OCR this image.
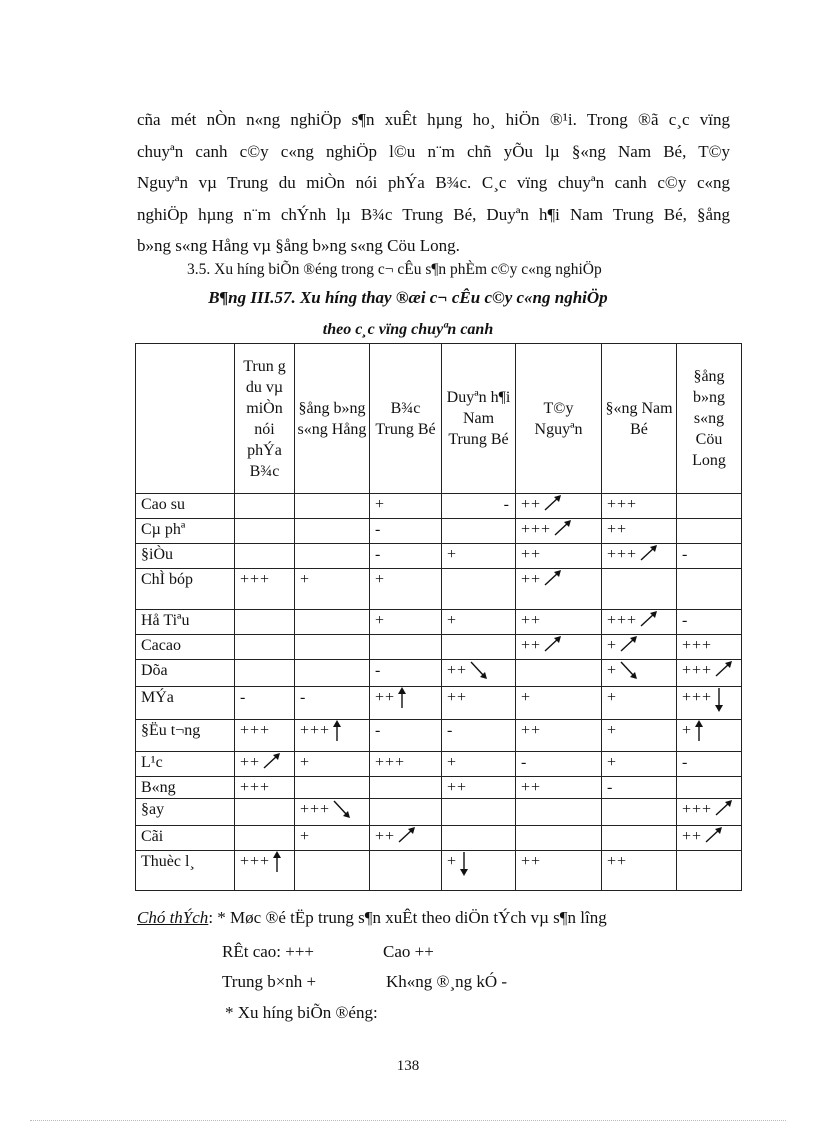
cña mét nÒn n«ng nghiÖp s¶n xuÊt hµng ho¸ hiÖn ®¹i. Trong ®ã c¸c vïng
chuyªn canh c©y c«ng nghiÖp l©u n¨m chñ yÕu lµ §«ng Nam Bé, T©y
Nguyªn vµ Trung du miÒn nói phÝa B¾c. C¸c vïng chuyªn canh c©y c«ng
nghiÖp hµng n¨m chÝnh lµ B¾c Trung Bé, Duyªn h¶i Nam Trung Bé, §ång
b»ng s«ng Hång vµ §ång b»ng s«ng Cöu Long.
3.5. Xu híng biÕn ®éng trong c¬ cÊu s¶n phÈm c©y c«ng nghiÖp
B¶ng III.57. Xu híng thay ®æi c¬ cÊu c©y c«ng nghiÖp
theo c¸c vïng chuyªn canh
	Trun g du vµ miÒn nói phÝa B¾c	§ång b»ng s«ng Hång	B¾c Trung Bé	Duyªn h¶i Nam Trung Bé	T©y Nguyªn	§«ng Nam Bé	§ång b»ng s«ng Cöu Long
Cao su			+	-	++	+++	

Cµ phª			-		+++	++	

§iÒu			-	+	++	+++	-

ChÌ bóp	+++	+	+		++		

Hå Tiªu			+	+	++	+++	-

Cacao					++	+	+++

Dõa			-	++		+	+++

MÝa	-	-	++	++	+	+	+++

§Ëu t¬ng	+++	+++	-	-	++	+	+

L¹c	++	+	+++	+	-	+	-

B«ng	+++			++	++	-	

§ay		+++					+++

Cãi		+	++				++

Thuèc l¸	+++			+	++	++	

Chó thÝch: * Møc ®é tËp trung s¶n xuÊt theo diÖn tÝch vµ s¶n lîng
RÊt cao: +++	Cao ++
Trung b×nh +	Kh«ng ®¸ng kÓ -
* Xu híng biÕn ®éng:
138
